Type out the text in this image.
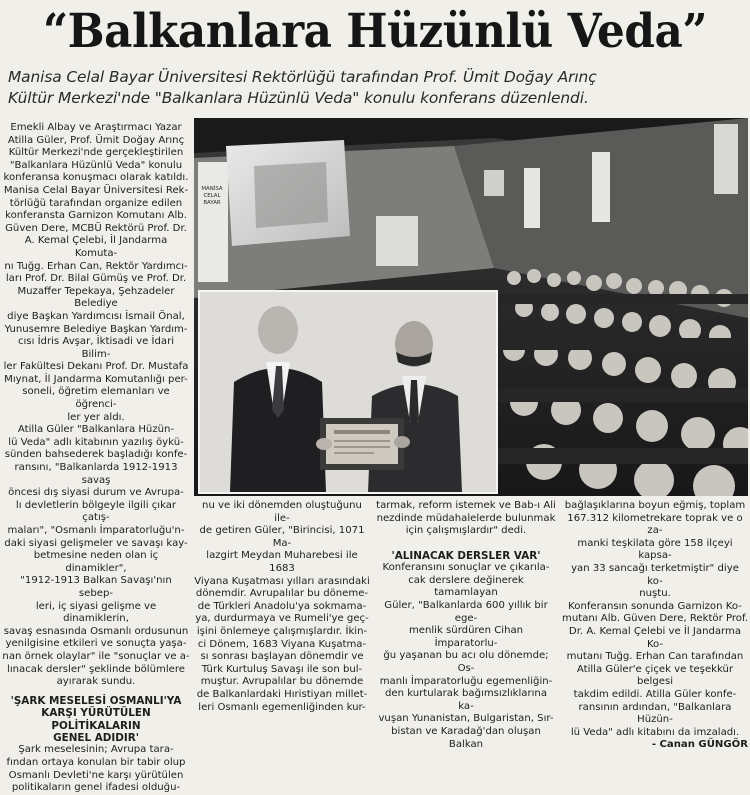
“Balkanlara Hüzünlü Veda”
Manisa Celal Bayar Üniversitesi Rektörlüğü tarafından Prof. Ümit Doğay Arınç
Kültür Merkezi'nde "Balkanlara Hüzünlü Veda" konulu konferans düzenlendi.
MANİSA
CELAL BAYAR
Emekli Albay ve Araştırmacı Yazar
Atilla Güler, Prof. Ümit Doğay Arınç
Kültür Merkezi'nde gerçekleştirilen
"Balkanlara Hüzünlü Veda" konulu
konferansa konuşmacı olarak katıldı.
Manisa Celal Bayar Üniversitesi Rek-
törlüğü tarafından organize edilen
konferansta Garnizon Komutanı Alb.
Güven Dere, MCBÜ Rektörü Prof. Dr.
A. Kemal Çelebi, İl Jandarma Komuta-
nı Tuğg. Erhan Can, Rektör Yardımcı-
ları Prof. Dr. Bilal Gümüş ve Prof. Dr.
Muzaffer Tepekaya, Şehzadeler Belediye
diye Başkan Yardımcısı İsmail Önal,
Yunusemre Belediye Başkan Yardım-
cısı İdris Avşar, İktisadi ve İdari Bilim-
ler Fakültesi Dekanı Prof. Dr. Mustafa
Mıynat, İl Jandarma Komutanlığı per-
soneli, öğretim elemanları ve öğrenci-
ler yer aldı.
Atilla Güler "Balkanlara Hüzün-
lü Veda" adlı kitabının yazılış öykü-
sünden bahsederek başladığı konfe-
ransını, "Balkanlarda 1912-1913 savaş
öncesi dış siyasi durum ve Avrupa-
lı devletlerin bölgeyle ilgili çıkar çatış-
maları", "Osmanlı İmparatorluğu'n-
daki siyasi gelişmeler ve savaşı kay-
betmesine neden olan iç dinamikler",
"1912-1913 Balkan Savaşı'nın sebep-
leri, iç siyasi gelişme ve dinamiklerin,
savaş esnasında Osmanlı ordusunun
yenilgisine etkileri ve sonuçta yaşa-
nan örnek olaylar" ile "sonuçlar ve a-
lınacak dersler" şeklinde bölümlere
ayırarak sundu.
'ŞARK MESELESİ OSMANLI'YA
KARŞI YÜRÜTÜLEN POLİTİKALARIN
GENEL ADIDIR'
Şark meselesinin; Avrupa tara-
fından ortaya konulan bir tabir olup
Osmanlı Devleti'ne karşı yürütülen
politikaların genel ifadesi olduğu-
nu ve iki dönemden oluştuğunu ile-
de getiren Güler, "Birincisi, 1071 Ma-
lazgirt Meydan Muharebesi ile 1683
Viyana Kuşatması yılları arasındaki
dönemdir. Avrupalılar bu döneme-
de Türkleri Anadolu'ya sokmama-
ya, durdurmaya ve Rumeli'ye geç-
işini önlemeye çalışmışlardır. İkin-
ci Dönem, 1683 Viyana Kuşatma-
sı sonrası başlayan dönemdir ve
Türk Kurtuluş Savaşı ile son bul-
muştur. Avrupalılar bu dönemde
de Balkanlardaki Hıristiyan millet-
leri Osmanlı egemenliğinden kur-
tarmak, reform istemek ve Bab-ı Ali
nezdinde müdahalelerde bulunmak
için çalışmışlardır" dedi.
'ALINACAK DERSLER VAR'
Konferansını sonuçlar ve çıkarıla-
cak derslere değinerek tamamlayan
Güler, "Balkanlarda 600 yıllık bir ege-
menlik sürdüren Cihan İmparatorlu-
ğu yaşanan bu acı olu dönemde; Os-
manlı İmparatorluğu egemenliğin-
den kurtularak bağımsızlıklarına ka-
vuşan Yunanistan, Bulgaristan, Sır-
bistan ve Karadağ'dan oluşan Balkan
bağlaşıklarına boyun eğmiş, toplam
167.312 kilometrekare toprak ve o za-
manki teşkilata göre 158 ilçeyi kapsa-
yan 33 sancağı terketmiştir" diye ko-
nuştu.
Konferansın sonunda Garnizon Ko-
mutanı Alb. Güven Dere, Rektör Prof.
Dr. A. Kemal Çelebi ve İl Jandarma Ko-
mutanı Tuğg. Erhan Can tarafından
Atilla Güler'e çiçek ve teşekkür belgesi
takdim edildi. Atilla Güler konfe-
ransının ardından, "Balkanlara Hüzün-
lü Veda" adlı kitabını da imzaladı.
- Canan GÜNGÖR
